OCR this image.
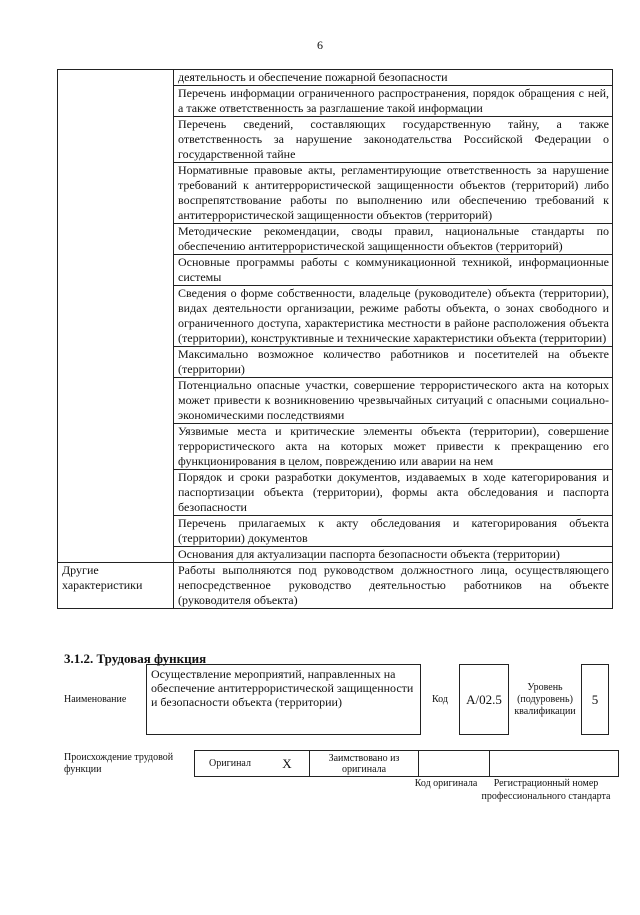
6
	деятельность и обеспечение пожарной безопасности
	Перечень информации ограниченного распространения, порядок обращения с ней, а также ответственность за разглашение такой информации
	Перечень сведений, составляющих государственную тайну, а также ответственность за нарушение законодательства Российской Федерации о государственной тайне
	Нормативные правовые акты, регламентирующие ответственность за нарушение требований к антитеррористической защищенности объектов (территорий) либо воспрепятствование работы по выполнению или обеспечению требований к антитеррористической защищенности объектов (территорий)
	Методические рекомендации, своды правил, национальные стандарты по обеспечению антитеррористической защищенности объектов (территорий)
	Основные программы работы с коммуникационной техникой, информационные системы
	Сведения о форме собственности, владельце (руководителе) объекта (территории), видах деятельности организации, режиме работы объекта, о зонах свободного и ограниченного доступа, характеристика местности в районе расположения объекта (территории), конструктивные и технические характеристики объекта (территории)
	Максимально возможное количество работников и посетителей на объекте (территории)
	Потенциально опасные участки, совершение террористического акта на которых может привести к возникновению чрезвычайных ситуаций с опасными социально-экономическими последствиями
	Уязвимые места и критические элементы объекта (территории), совершение террористического акта на которых может привести к прекращению его функционирования в целом, повреждению или аварии на нем
	Порядок и сроки разработки документов, издаваемых в ходе категорирования и паспортизации объекта (территории), формы акта обследования и паспорта безопасности
	Перечень прилагаемых к акту обследования и категорирования объекта (территории) документов
	Основания для актуализации паспорта безопасности объекта (территории)
Другие характеристики	Работы выполняются под руководством должностного лица, осуществляющего непосредственное руководство деятельностью работников на объекте (руководителя объекта)
3.1.2. Трудовая функция
Наименование	Осуществление мероприятий, направленных на обеспечение антитеррористической защищенности и безопасности объекта (территории)	Код	A/02.5	Уровень (подуровень) квалификации	5
Происхождение трудовой функции	Оригинал	X	Заимствовано из оригинала		
Код оригинала	Регистрационный номер профессионального стандарта
